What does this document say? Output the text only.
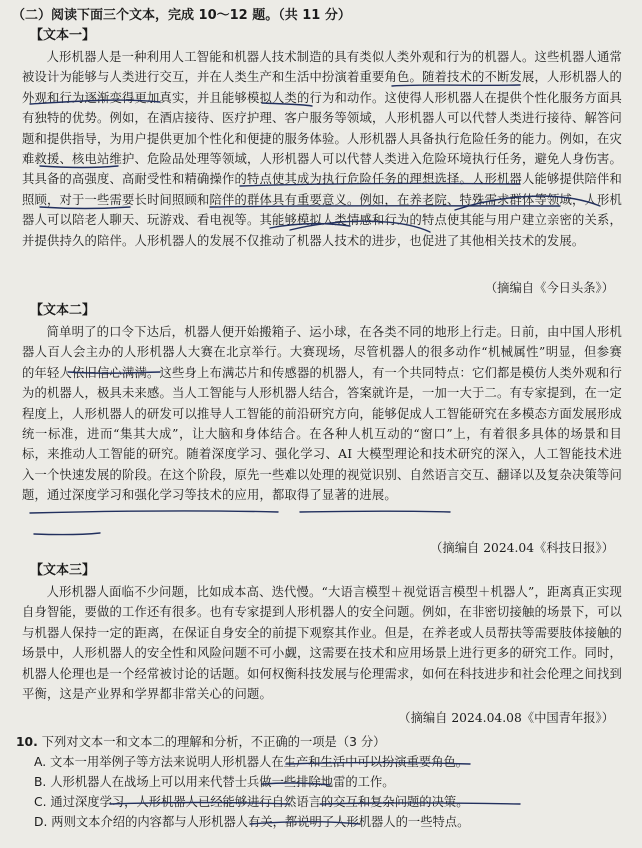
（二）阅读下面三个文本，完成 10～12 题。（共 11 分）
【文本一】

人形机器人是一种利用人工智能和机器人技术制造的具有类似人类外观和行为的机器人。这些机器人通常被设计为能够与人类进行交互，并在人类生产和生活中扮演着重要角色。随着技术的不断发展，人形机器人的外观和行为逐渐变得更加真实，并且能够模拟人类的行为和动作。这使得人形机器人在提供个性化服务方面具有独特的优势。例如，在酒店接待、医疗护理、客户服务等领域，人形机器人可以代替人类进行接待、解答问题和提供指导，为用户提供更加个性化和便捷的服务体验。人形机器人具备执行危险任务的能力。例如，在灾难救援、核电站维护、危险品处理等领域，人形机器人可以代替人类进入危险环境执行任务，避免人身伤害。其具备的高强度、高耐受性和精确操作的特点使其成为执行危险任务的理想选择。人形机器人能够提供陪伴和照顾，对于一些需要长时间照顾和陪伴的群体具有重要意义。例如，在养老院、特殊需求群体等领域，人形机器人可以陪老人聊天、玩游戏、看电视等。其能够模拟人类情感和行为的特点使其能与用户建立亲密的关系，并提供持久的陪伴。人形机器人的发展不仅推动了机器人技术的进步，也促进了其他相关技术的发展。

（摘编自《今日头条》）
【文本二】

简单明了的口令下达后，机器人便开始搬箱子、运小球，在各类不同的地形上行走。日前，由中国人形机器人百人会主办的人形机器人大赛在北京举行。大赛现场，尽管机器人的很多动作“机械属性”明显，但参赛的年轻人依旧信心满满。这些身上布满芯片和传感器的机器人，有一个共同特点：它们都是模仿人类外观和行为的机器人，极具未来感。当人工智能与人形机器人结合，答案就许是，一加一大于二。有专家提到，在一定程度上，人形机器人的研发可以推导人工智能的前沿研究方向，能够促成人工智能研究在多模态方面发展形成统一标准，进而“集其大成”，让大脑和身体结合。在各种人机互动的“窗口”上，有着很多具体的场景和目标，来推动人工智能的研究。随着深度学习、强化学习、AI 大模型理论和技术研究的深入，人工智能技术进入一个快速发展的阶段。在这个阶段，原先一些难以处理的视觉识别、自然语言交互、翻译以及复杂决策等问题，通过深度学习和强化学习等技术的应用，都取得了显著的进展。

（摘编自 2024.04《科技日报》）
【文本三】

人形机器人面临不少问题，比如成本高、迭代慢。“大语言模型＋视觉语言模型＋机器人”，距离真正实现自身智能，要做的工作还有很多。也有专家提到人形机器人的安全问题。例如，在非密切接触的场景下，可以与机器人保持一定的距离，在保证自身安全的前提下观察其作业。但是，在养老或人员帮扶等需要肢体接触的场景中，人形机器人的安全性和风险问题不可小觑，这需要在技术和应用场景上进行更多的研究工作。同时，机器人伦理也是一个经常被讨论的话题。如何权衡科技发展与伦理需求，如何在科技进步和社会伦理之间找到平衡，这是产业界和学界都非常关心的问题。

（摘编自 2024.04.08《中国青年报》）
10. 下列对文本一和文本二的理解和分析，不正确的一项是（3 分）
A. 文本一用举例子等方法来说明人形机器人在生产和生活中可以扮演重要角色。
B. 人形机器人在战场上可以用来代替士兵做一些排除地雷的工作。
C. 通过深度学习，人形机器人已经能够进行自然语言的交互和复杂问题的决策。
D. 两则文本介绍的内容都与人形机器人有关，都说明了人形机器人的一些特点。
